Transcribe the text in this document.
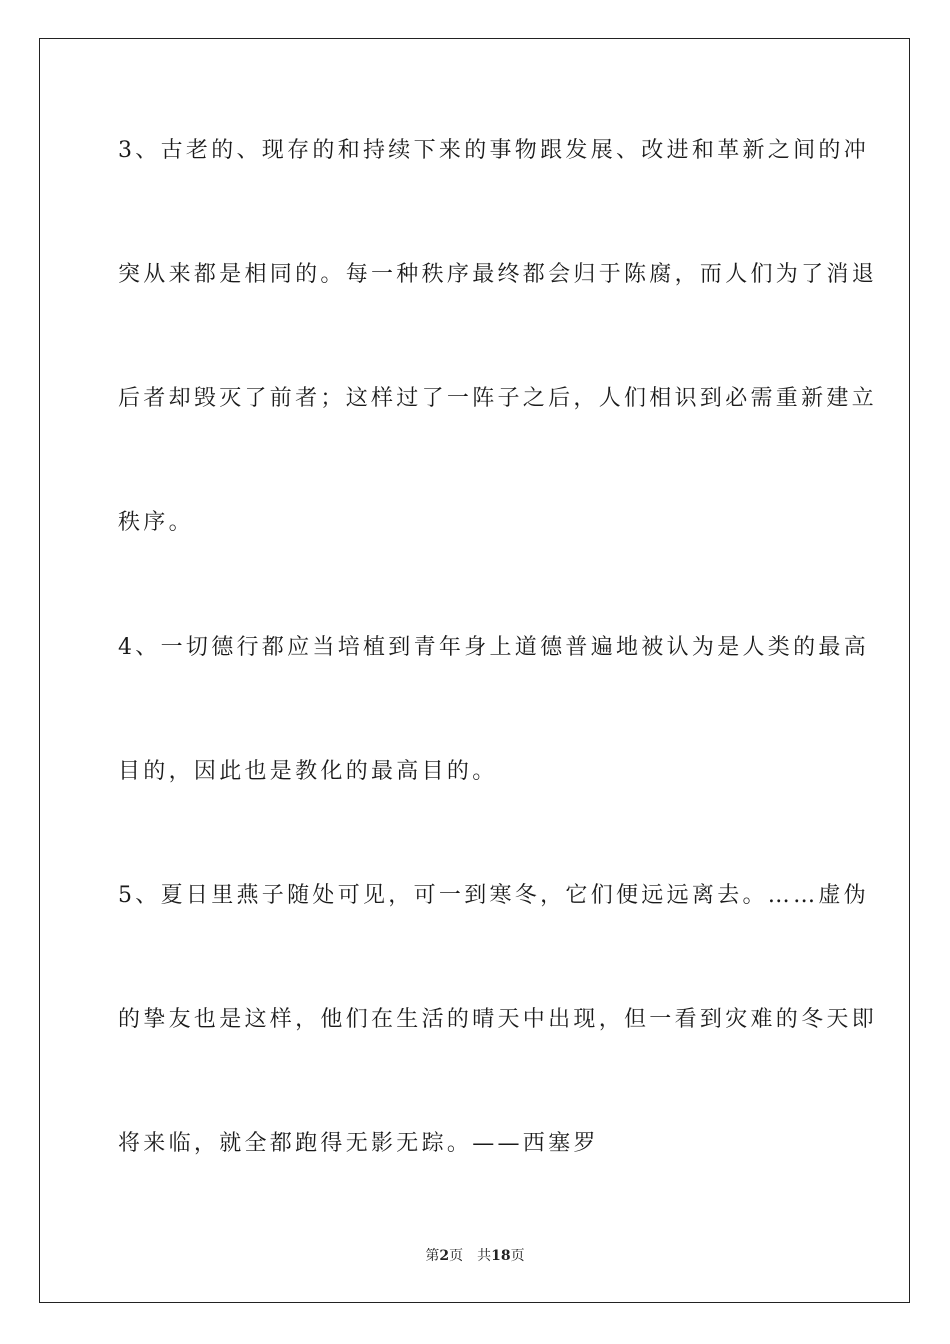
3、古老的、现存的和持续下来的事物跟发展、改进和革新之间的冲
突从来都是相同的。每一种秩序最终都会归于陈腐，而人们为了消退
后者却毁灭了前者；这样过了一阵子之后，人们相识到必需重新建立
秩序。
4、一切德行都应当培植到青年身上道德普遍地被认为是人类的最高
目的，因此也是教化的最高目的。
5、夏日里燕子随处可见，可一到寒冬，它们便远远离去。……虚伪
的挚友也是这样，他们在生活的晴天中出现，但一看到灾难的冬天即
将来临，就全都跑得无影无踪。——西塞罗
第2页 共18页
